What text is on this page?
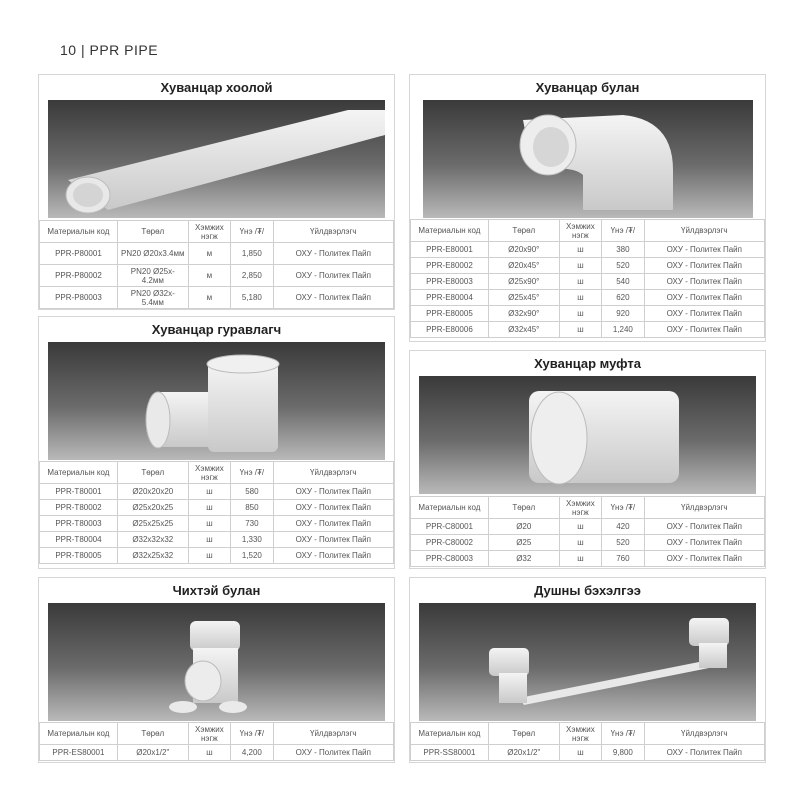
10 | PPR PIPE
Хуванцар хоолой
Материалын код	Төрөл	Хэмжих нэгж	Үнэ /₮/	Үйлдвэрлэгч
PPR-P80001	PN20 Ø20x3.4мм	м	1,850	ОХУ - Политек Пайп
PPR-P80002	PN20 Ø25x-4.2мм	м	2,850	ОХУ - Политек Пайп
PPR-P80003	PN20 Ø32x-5.4мм	м	5,180	ОХУ - Политек Пайп
Хуванцар булан
Материалын код	Төрөл	Хэмжих нэгж	Үнэ /₮/	Үйлдвэрлэгч
PPR-E80001	Ø20x90°	ш	380	ОХУ - Политек Пайп
PPR-E80002	Ø20x45°	ш	520	ОХУ - Политек Пайп
PPR-E80003	Ø25x90°	ш	540	ОХУ - Политек Пайп
PPR-E80004	Ø25x45°	ш	620	ОХУ - Политек Пайп
PPR-E80005	Ø32x90°	ш	920	ОХУ - Политек Пайп
PPR-E80006	Ø32x45°	ш	1,240	ОХУ - Политек Пайп
Хуванцар гуравлагч
Материалын код	Төрөл	Хэмжих нэгж	Үнэ /₮/	Үйлдвэрлэгч
PPR-T80001	Ø20x20x20	ш	580	ОХУ - Политек Пайп
PPR-T80002	Ø25x20x25	ш	850	ОХУ - Политек Пайп
PPR-T80003	Ø25x25x25	ш	730	ОХУ - Политек Пайп
PPR-T80004	Ø32x32x32	ш	1,330	ОХУ - Политек Пайп
PPR-T80005	Ø32x25x32	ш	1,520	ОХУ - Политек Пайп
Хуванцар муфта
Материалын код	Төрөл	Хэмжих нэгж	Үнэ /₮/	Үйлдвэрлэгч
PPR-C80001	Ø20	ш	420	ОХУ - Политек Пайп
PPR-C80002	Ø25	ш	520	ОХУ - Политек Пайп
PPR-C80003	Ø32	ш	760	ОХУ - Политек Пайп
Чихтэй булан
Материалын код	Төрөл	Хэмжих нэгж	Үнэ /₮/	Үйлдвэрлэгч
PPR-ES80001	Ø20x1/2"	ш	4,200	ОХУ - Политек Пайп
Душны бэхэлгээ
Материалын код	Төрөл	Хэмжих нэгж	Үнэ /₮/	Үйлдвэрлэгч
PPR-SS80001	Ø20x1/2"	ш	9,800	ОХУ - Политек Пайп
